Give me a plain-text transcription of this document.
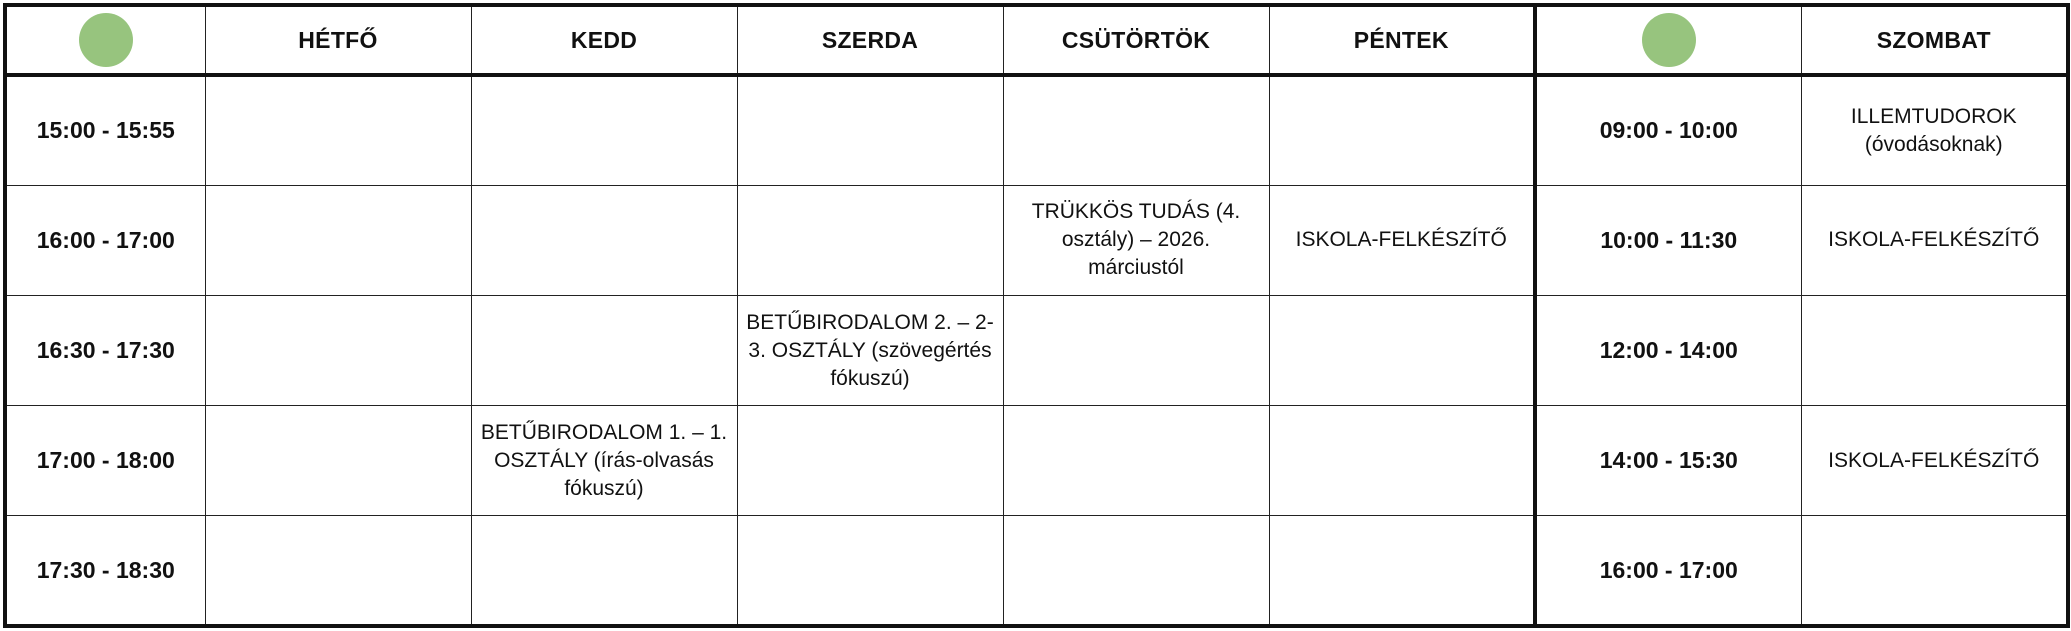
	HÉTFŐ	KEDD	SZERDA	CSÜTÖRTÖK	PÉNTEK		SZOMBAT
15:00 - 15:55						09:00 - 10:00	ILLEMTUDOROK (óvodásoknak)
16:00 - 17:00				TRÜKKÖS TUDÁS (4. osztály) – 2026. márciustól	ISKOLA-FELKÉSZÍTŐ	10:00 - 11:30	ISKOLA-FELKÉSZÍTŐ
16:30 - 17:30			BETŰBIRODALOM 2. – 2-3. OSZTÁLY (szövegértés fókuszú)			12:00 - 14:00	
17:00 - 18:00		BETŰBIRODALOM 1. – 1. OSZTÁLY (írás-olvasás fókuszú)				14:00 - 15:30	ISKOLA-FELKÉSZÍTŐ
17:30 - 18:30						16:00 - 17:00	
